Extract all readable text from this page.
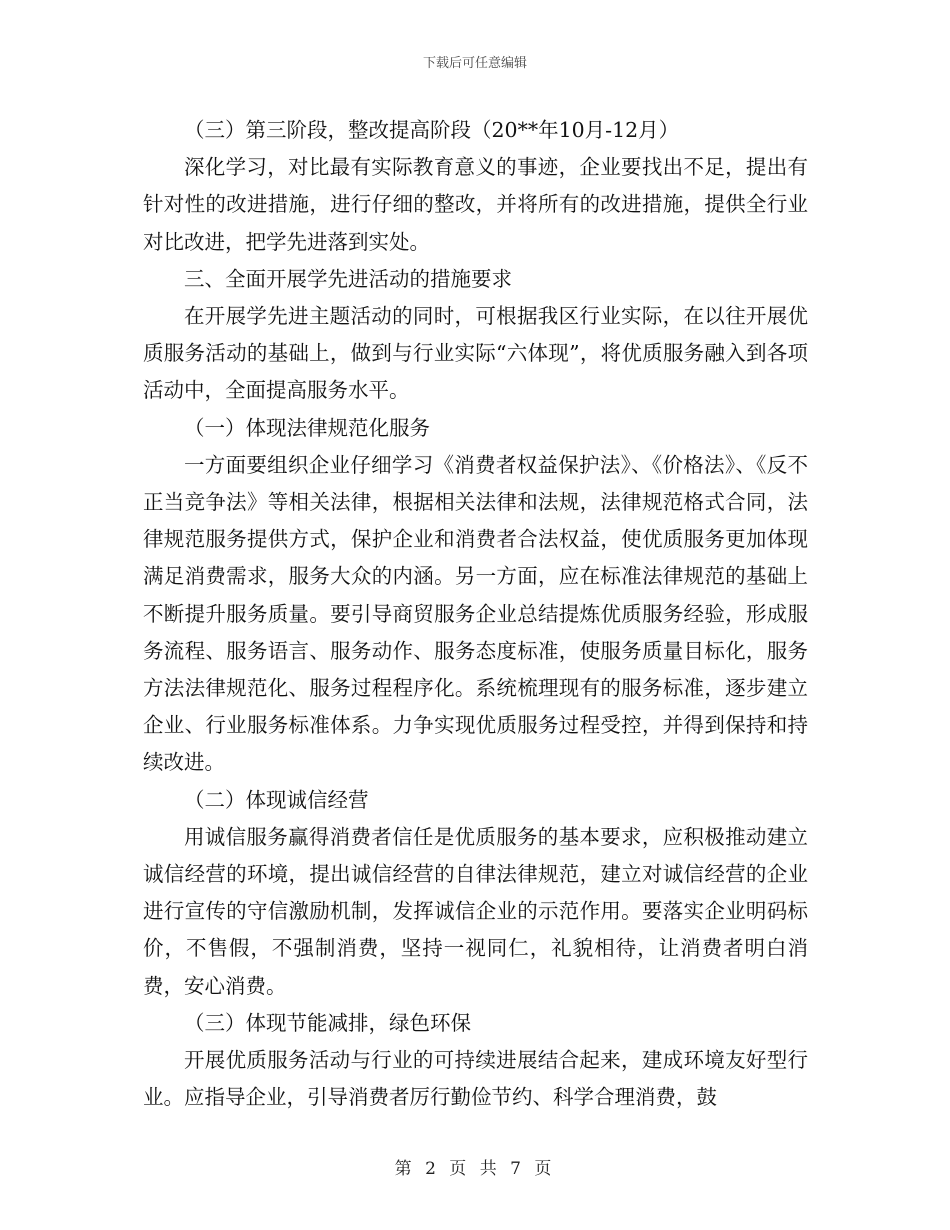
下载后可任意编辑

（三）第三阶段，整改提高阶段（20**年10月-12月）

深化学习，对比最有实际教育意义的事迹，企业要找出不足，提出有针对性的改进措施，进行仔细的整改，并将所有的改进措施，提供全行业对比改进，把学先进落到实处。

三、全面开展学先进活动的措施要求

在开展学先进主题活动的同时，可根据我区行业实际，在以往开展优质服务活动的基础上，做到与行业实际“六体现”，将优质服务融入到各项活动中，全面提高服务水平。

（一）体现法律规范化服务

一方面要组织企业仔细学习《消费者权益保护法》、《价格法》、《反不正当竞争法》等相关法律，根据相关法律和法规，法律规范格式合同，法律规范服务提供方式，保护企业和消费者合法权益，使优质服务更加体现满足消费需求，服务大众的内涵。另一方面，应在标准法律规范的基础上不断提升服务质量。要引导商贸服务企业总结提炼优质服务经验，形成服务流程、服务语言、服务动作、服务态度标准，使服务质量目标化，服务方法法律规范化、服务过程程序化。系统梳理现有的服务标准，逐步建立企业、行业服务标准体系。力争实现优质服务过程受控，并得到保持和持续改进。

（二）体现诚信经营

用诚信服务赢得消费者信任是优质服务的基本要求，应积极推动建立诚信经营的环境，提出诚信经营的自律法律规范，建立对诚信经营的企业进行宣传的守信激励机制，发挥诚信企业的示范作用。要落实企业明码标价，不售假，不强制消费，坚持一视同仁，礼貌相待，让消费者明白消费，安心消费。

（三）体现节能减排，绿色环保

开展优质服务活动与行业的可持续进展结合起来，建成环境友好型行业。应指导企业，引导消费者厉行勤俭节约、科学合理消费，鼓

第 2 页 共 7 页
